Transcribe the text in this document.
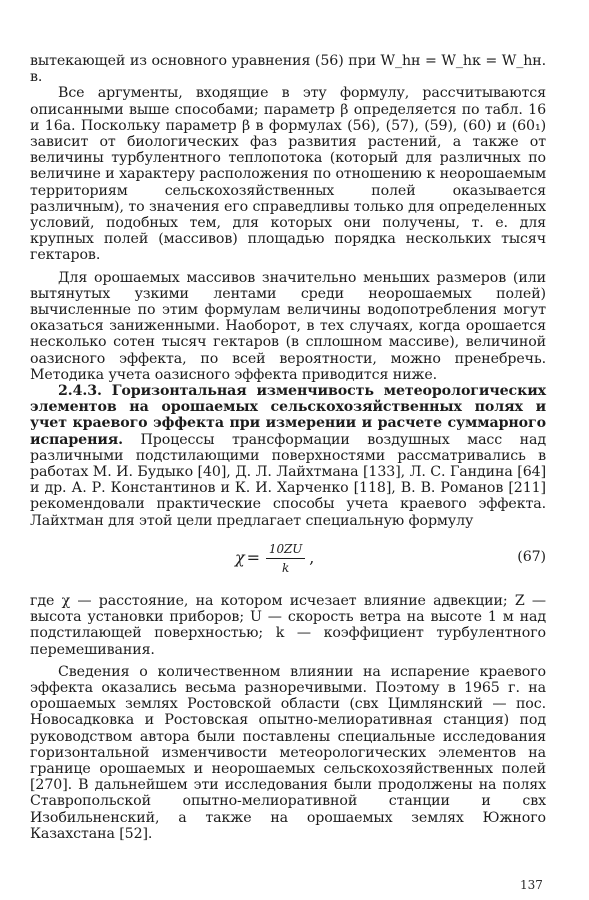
вытекающей из основного уравнения (56) при W_hн = W_hк = W_hн. в.

Все аргументы, входящие в эту формулу, рассчитываются описанными выше способами; параметр β определяется по табл. 16 и 16а. Поскольку параметр β в формулах (56), (57), (59), (60) и (60₁) зависит от биологических фаз развития растений, а также от величины турбулентного теплопотока (который для различных по величине и характеру расположения по отношению к неорошаемым территориям сельскохозяйственных полей оказывается различным), то значения его справедливы только для определенных условий, подобных тем, для которых они получены, т. е. для крупных полей (массивов) площадью порядка нескольких тысяч гектаров.

Для орошаемых массивов значительно меньших размеров (или вытянутых узкими лентами среди неорошаемых полей) вычисленные по этим формулам величины водопотребления могут оказаться заниженными. Наоборот, в тех случаях, когда орошается несколько сотен тысяч гектаров (в сплошном массиве), величиной оазисного эффекта, по всей вероятности, можно пренебречь. Методика учета оазисного эффекта приводится ниже.

2.4.3. Горизонтальная изменчивость метеорологических элементов на орошаемых сельскохозяйственных полях и учет краевого эффекта при измерении и расчете суммарного испарения. Процессы трансформации воздушных масс над различными подстилающими поверхностями рассматривались в работах М. И. Будыко [40], Д. Л. Лайхтмана [133], Л. С. Гандина [64] и др. А. Р. Константинов и К. И. Харченко [118], В. В. Романов [211] рекомендовали практические способы учета краевого эффекта. Лайхтман для этой цели предлагает специальную формулу

$\chi = \frac{10ZU}{k}$ ,	(67)

где χ — расстояние, на котором исчезает влияние адвекции; Z — высота установки приборов; U — скорость ветра на высоте 1 м над подстилающей поверхностью; k — коэффициент турбулентного перемешивания.

Сведения о количественном влиянии на испарение краевого эффекта оказались весьма разноречивыми. Поэтому в 1965 г. на орошаемых землях Ростовской области (свх Цимлянский — пос. Новосадковка и Ростовская опытно-мелиоративная станция) под руководством автора были поставлены специальные исследования горизонтальной изменчивости метеорологических элементов на границе орошаемых и неорошаемых сельскохозяйственных полей [270]. В дальнейшем эти исследования были продолжены на полях Ставропольской опытно-мелиоративной станции и свх Изобильненский, а также на орошаемых землях Южного Казахстана [52].

137
